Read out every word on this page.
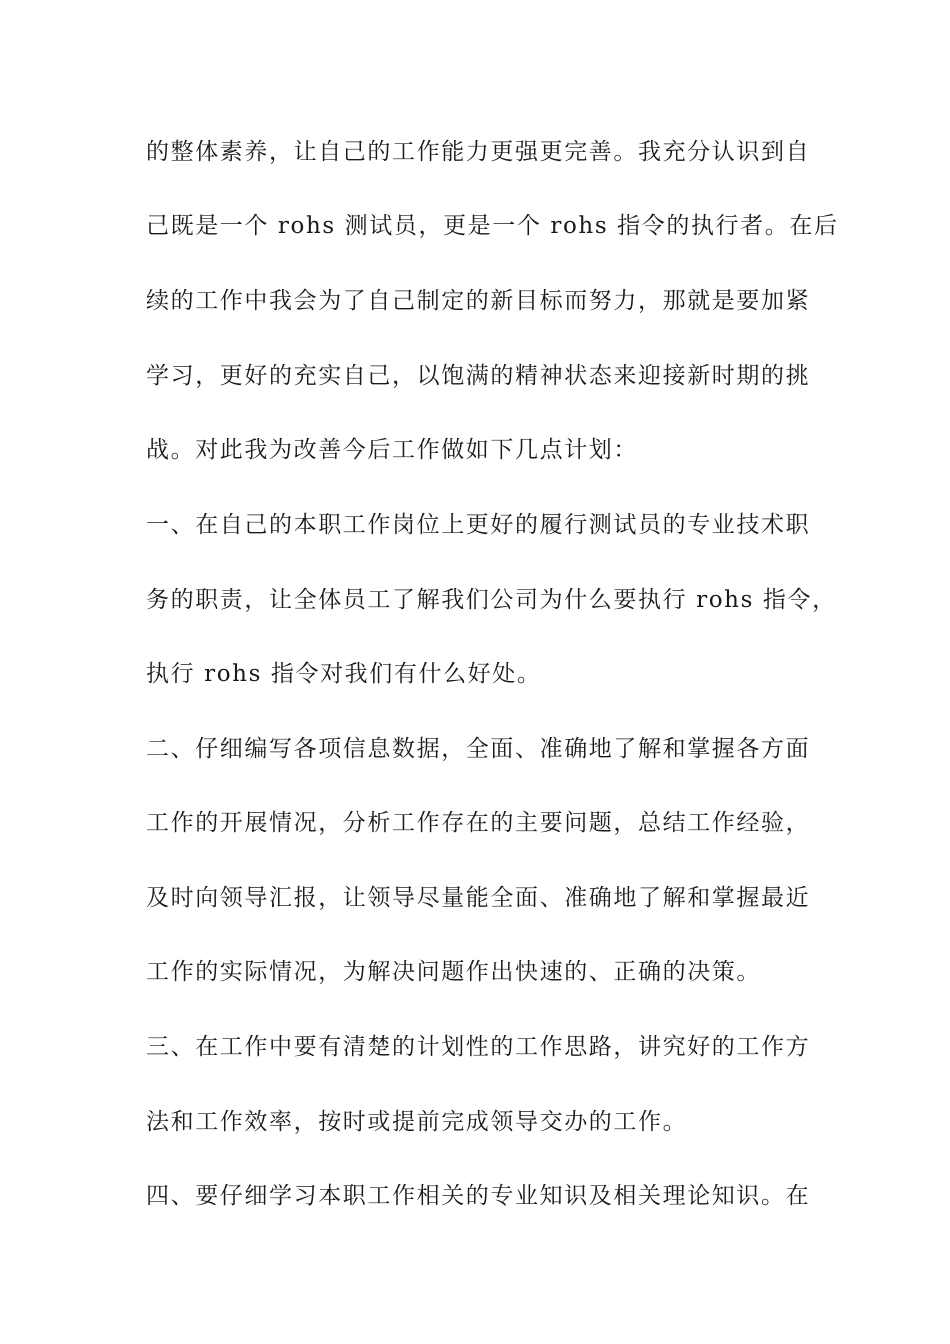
的整体素养，让自己的工作能力更强更完善。我充分认识到自
己既是一个 rohs 测试员，更是一个 rohs 指令的执行者。在后
续的工作中我会为了自己制定的新目标而努力，那就是要加紧
学习，更好的充实自己，以饱满的精神状态来迎接新时期的挑
战。对此我为改善今后工作做如下几点计划：
一、在自己的本职工作岗位上更好的履行测试员的专业技术职
务的职责，让全体员工了解我们公司为什么要执行 rohs 指令，
执行 rohs 指令对我们有什么好处。
二、仔细编写各项信息数据，全面、准确地了解和掌握各方面
工作的开展情况，分析工作存在的主要问题，总结工作经验，
及时向领导汇报，让领导尽量能全面、准确地了解和掌握最近
工作的实际情况，为解决问题作出快速的、正确的决策。
三、在工作中要有清楚的计划性的工作思路，讲究好的工作方
法和工作效率，按时或提前完成领导交办的工作。
四、要仔细学习本职工作相关的专业知识及相关理论知识。在
